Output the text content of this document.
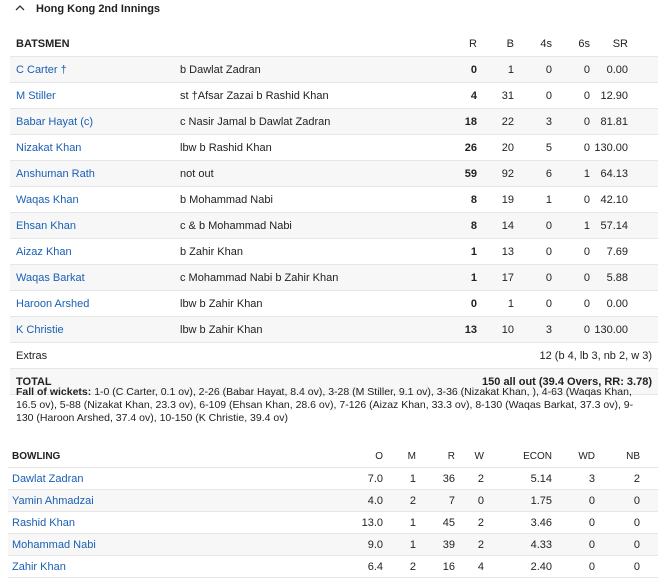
Hong Kong 2nd Innings
BATSMEN	R	B 4s 6s SR
C Carter †	b Dawlat Zadran	0	1	0	0 0.00
M Stiller	st †Afsar Zazai b Rashid Khan	4 31	0	0 12.90
Babar Hayat (c)	c Nasir Jamal b Dawlat Zadran	18 22	3	0 81.81
Nizakat Khan	lbw b Rashid Khan	26 20	5	0 130.00
Anshuman Rath	not out	59 92	6	1 64.13
Waqas Khan	b Mohammad Nabi	8 19	1	0 42.10
Ehsan Khan	c & b Mohammad Nabi	8 14	0	1 57.14
Aizaz Khan	b Zahir Khan	1 13	0	0 7.69
Waqas Barkat	c Mohammad Nabi b Zahir Khan	1 17	0	0 5.88
Haroon Arshed	lbw b Zahir Khan	0	1	0	0 0.00
K Christie	lbw b Zahir Khan	13 10	3	0 130.00
Extras	12 (b 4, lb 3, nb 2, w 3)
TOTAL	150 all out (39.4 Overs, RR: 3.78)
Fall of wickets: 1-0 (C Carter, 0.1 ov), 2-26 (Babar Hayat, 8.4 ov), 3-28 (M Stiller, 9.1 ov), 3-36 (Nizakat Khan, ), 4-63 (Waqas Khan, 16.5 ov), 5-88 (Nizakat Khan, 23.3 ov), 6-109 (Ehsan Khan, 28.6 ov), 7-126 (Aizaz Khan, 33.3 ov), 8-130 (Waqas Barkat, 37.3 ov), 9-130 (Haroon Arshed, 37.4 ov), 10-150 (K Christie, 39.4 ov)
BOWLING	O M	R W	ECON	WD	NB
Dawlat Zadran	7.0 1 36 2	5.14	3	2
Yamin Ahmadzai	4.0 2	7 0	1.75	0	0
Rashid Khan	13.0 1 45 2	3.46	0	0
Mohammad Nabi	9.0 1 39 2	4.33	0	0
Zahir Khan	6.4 2 16 4	2.40	0	0
